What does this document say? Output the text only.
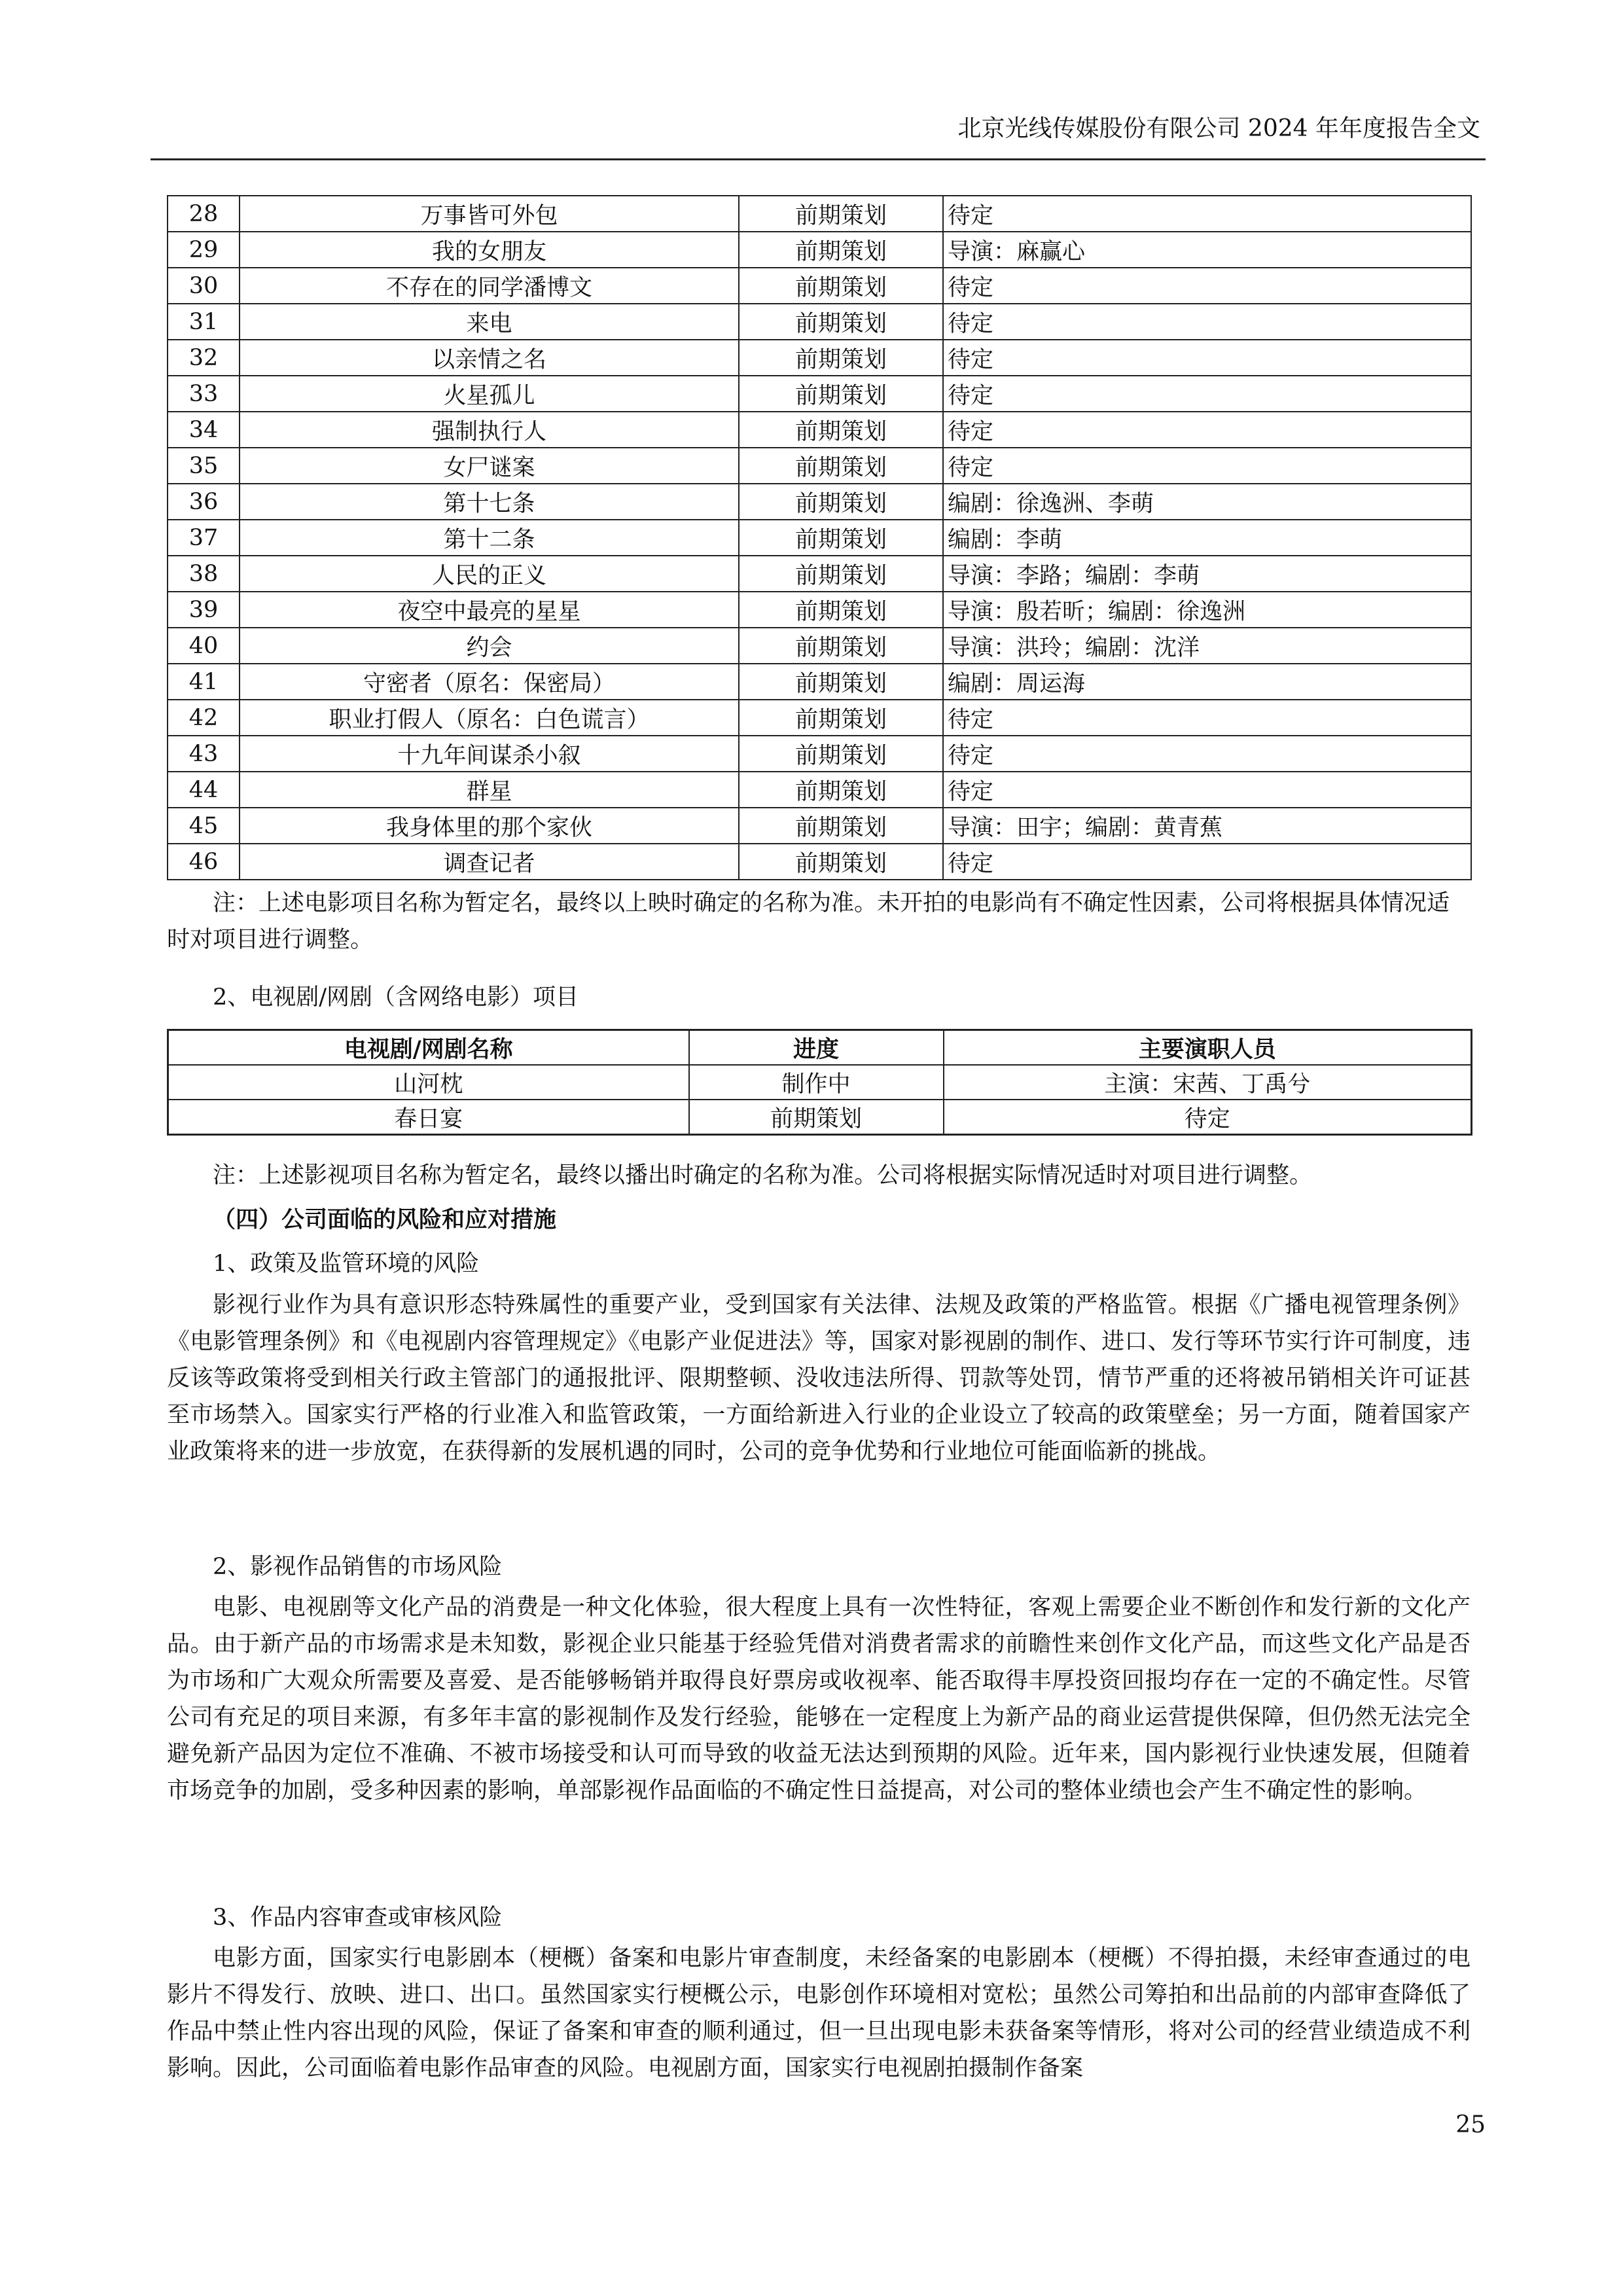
北京光线传媒股份有限公司 2024 年年度报告全文
28	万事皆可外包	前期策划	待定
29	我的女朋友	前期策划	导演：麻赢心
30	不存在的同学潘博文	前期策划	待定
31	来电	前期策划	待定
32	以亲情之名	前期策划	待定
33	火星孤儿	前期策划	待定
34	强制执行人	前期策划	待定
35	女尸谜案	前期策划	待定
36	第十七条	前期策划	编剧：徐逸洲、李萌
37	第十二条	前期策划	编剧：李萌
38	人民的正义	前期策划	导演：李路；编剧：李萌
39	夜空中最亮的星星	前期策划	导演：殷若昕；编剧：徐逸洲
40	约会	前期策划	导演：洪玲；编剧：沈洋
41	守密者（原名：保密局）	前期策划	编剧：周运海
42	职业打假人（原名：白色谎言）	前期策划	待定
43	十九年间谋杀小叙	前期策划	待定
44	群星	前期策划	待定
45	我身体里的那个家伙	前期策划	导演：田宇；编剧：黄青蕉
46	调查记者	前期策划	待定

注：上述电影项目名称为暂定名，最终以上映时确定的名称为准。未开拍的电影尚有不确定性因素，公司将根据具体情况适时对项目进行调整。

2、电视剧/网剧（含网络电影）项目

电视剧/网剧名称	进度	主要演职人员
山河枕	制作中	主演：宋茜、丁禹兮
春日宴	前期策划	待定

注：上述影视项目名称为暂定名，最终以播出时确定的名称为准。公司将根据实际情况适时对项目进行调整。

（四）公司面临的风险和应对措施

1、政策及监管环境的风险

影视行业作为具有意识形态特殊属性的重要产业，受到国家有关法律、法规及政策的严格监管。根据《广播电视管理条例》《电影管理条例》和《电视剧内容管理规定》《电影产业促进法》等，国家对影视剧的制作、进口、发行等环节实行许可制度，违反该等政策将受到相关行政主管部门的通报批评、限期整顿、没收违法所得、罚款等处罚，情节严重的还将被吊销相关许可证甚至市场禁入。国家实行严格的行业准入和监管政策，一方面给新进入行业的企业设立了较高的政策壁垒；另一方面，随着国家产业政策将来的进一步放宽，在获得新的发展机遇的同时，公司的竞争优势和行业地位可能面临新的挑战。

2、影视作品销售的市场风险

电影、电视剧等文化产品的消费是一种文化体验，很大程度上具有一次性特征，客观上需要企业不断创作和发行新的文化产品。由于新产品的市场需求是未知数，影视企业只能基于经验凭借对消费者需求的前瞻性来创作文化产品，而这些文化产品是否为市场和广大观众所需要及喜爱、是否能够畅销并取得良好票房或收视率、能否取得丰厚投资回报均存在一定的不确定性。尽管公司有充足的项目来源，有多年丰富的影视制作及发行经验，能够在一定程度上为新产品的商业运营提供保障，但仍然无法完全避免新产品因为定位不准确、不被市场接受和认可而导致的收益无法达到预期的风险。近年来，国内影视行业快速发展，但随着市场竞争的加剧，受多种因素的影响，单部影视作品面临的不确定性日益提高，对公司的整体业绩也会产生不确定性的影响。

3、作品内容审查或审核风险

电影方面，国家实行电影剧本（梗概）备案和电影片审查制度，未经备案的电影剧本（梗概）不得拍摄，未经审查通过的电影片不得发行、放映、进口、出口。虽然国家实行梗概公示，电影创作环境相对宽松；虽然公司筹拍和出品前的内部审查降低了作品中禁止性内容出现的风险，保证了备案和审查的顺利通过，但一旦出现电影未获备案等情形，将对公司的经营业绩造成不利影响。因此，公司面临着电影作品审查的风险。电视剧方面，国家实行电视剧拍摄制作备案

25
